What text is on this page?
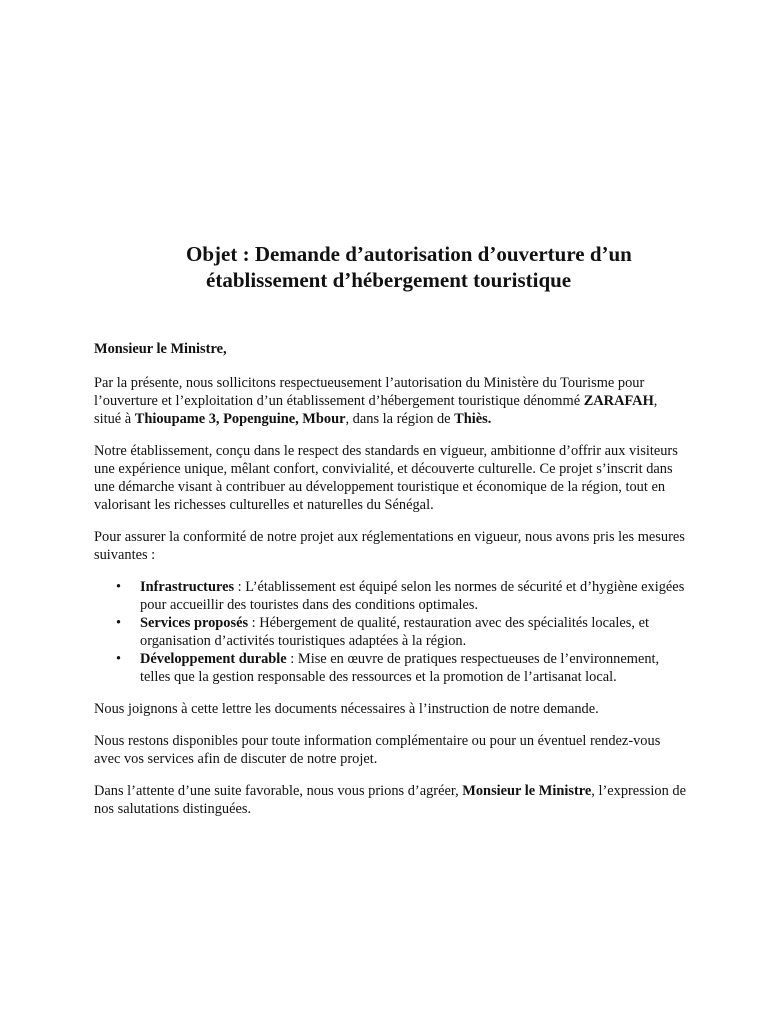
Objet : Demande d’autorisation d’ouverture d’un
établissement d’hébergement touristique
Monsieur le Ministre,

Par la présente, nous sollicitons respectueusement l’autorisation du Ministère du Tourisme pour l’ouverture et l’exploitation d’un établissement d’hébergement touristique dénommé ZARAFAH, situé à Thioupame 3, Popenguine, Mbour, dans la région de Thiès.

Notre établissement, conçu dans le respect des standards en vigueur, ambitionne d’offrir aux visiteurs une expérience unique, mêlant confort, convivialité, et découverte culturelle. Ce projet s’inscrit dans une démarche visant à contribuer au développement touristique et économique de la région, tout en valorisant les richesses culturelles et naturelles du Sénégal.

Pour assurer la conformité de notre projet aux réglementations en vigueur, nous avons pris les mesures suivantes :

• Infrastructures : L’établissement est équipé selon les normes de sécurité et d’hygiène exigées pour accueillir des touristes dans des conditions optimales.
• Services proposés : Hébergement de qualité, restauration avec des spécialités locales, et organisation d’activités touristiques adaptées à la région.
• Développement durable : Mise en œuvre de pratiques respectueuses de l’environnement, telles que la gestion responsable des ressources et la promotion de l’artisanat local.

Nous joignons à cette lettre les documents nécessaires à l’instruction de notre demande.

Nous restons disponibles pour toute information complémentaire ou pour un éventuel rendez-vous avec vos services afin de discuter de notre projet.

Dans l’attente d’une suite favorable, nous vous prions d’agréer, Monsieur le Ministre, l’expression de nos salutations distinguées.
